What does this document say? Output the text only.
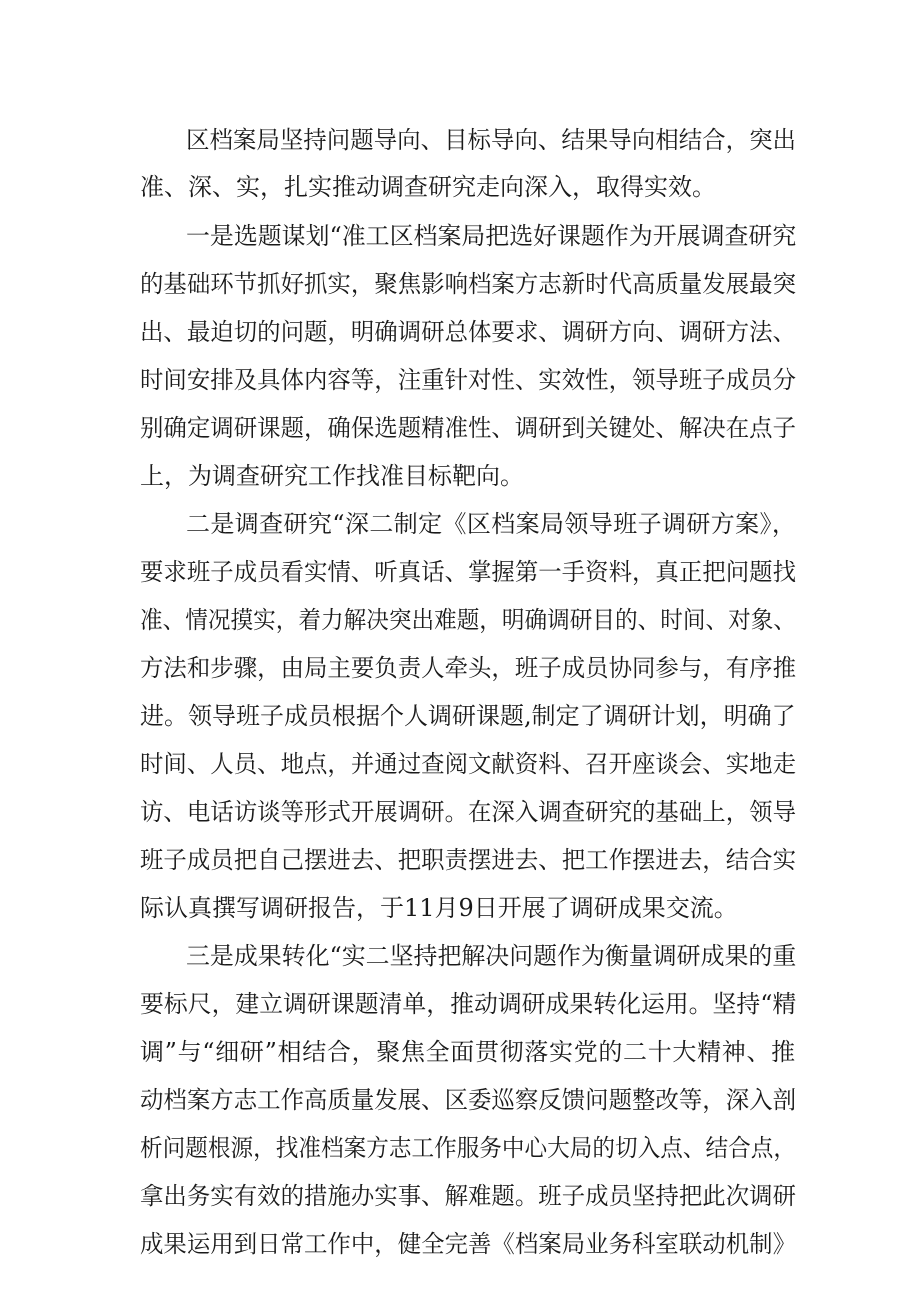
区档案局坚持问题导向、目标导向、结果导向相结合，突出
准、深、实，扎实推动调查研究走向深入，取得实效。
一是选题谋划“准工区档案局把选好课题作为开展调查研究
的基础环节抓好抓实，聚焦影响档案方志新时代高质量发展最突
出、最迫切的问题，明确调研总体要求、调研方向、调研方法、
时间安排及具体内容等，注重针对性、实效性，领导班子成员分
别确定调研课题，确保选题精准性、调研到关键处、解决在点子
上，为调查研究工作找准目标靶向。
二是调查研究“深二制定《区档案局领导班子调研方案》，
要求班子成员看实情、听真话、掌握第一手资料，真正把问题找
准、情况摸实，着力解决突出难题，明确调研目的、时间、对象、
方法和步骤，由局主要负责人牵头，班子成员协同参与，有序推
进。领导班子成员根据个人调研课题,制定了调研计划，明确了
时间、人员、地点，并通过查阅文献资料、召开座谈会、实地走
访、电话访谈等形式开展调研。在深入调查研究的基础上，领导
班子成员把自己摆进去、把职责摆进去、把工作摆进去，结合实
际认真撰写调研报告，于11月9日开展了调研成果交流。
三是成果转化“实二坚持把解决问题作为衡量调研成果的重
要标尺，建立调研课题清单，推动调研成果转化运用。坚持“精
调”与“细研”相结合，聚焦全面贯彻落实党的二十大精神、推
动档案方志工作高质量发展、区委巡察反馈问题整改等，深入剖
析问题根源，找准档案方志工作服务中心大局的切入点、结合点，
拿出务实有效的措施办实事、解难题。班子成员坚持把此次调研
成果运用到日常工作中，健全完善《档案局业务科室联动机制》
